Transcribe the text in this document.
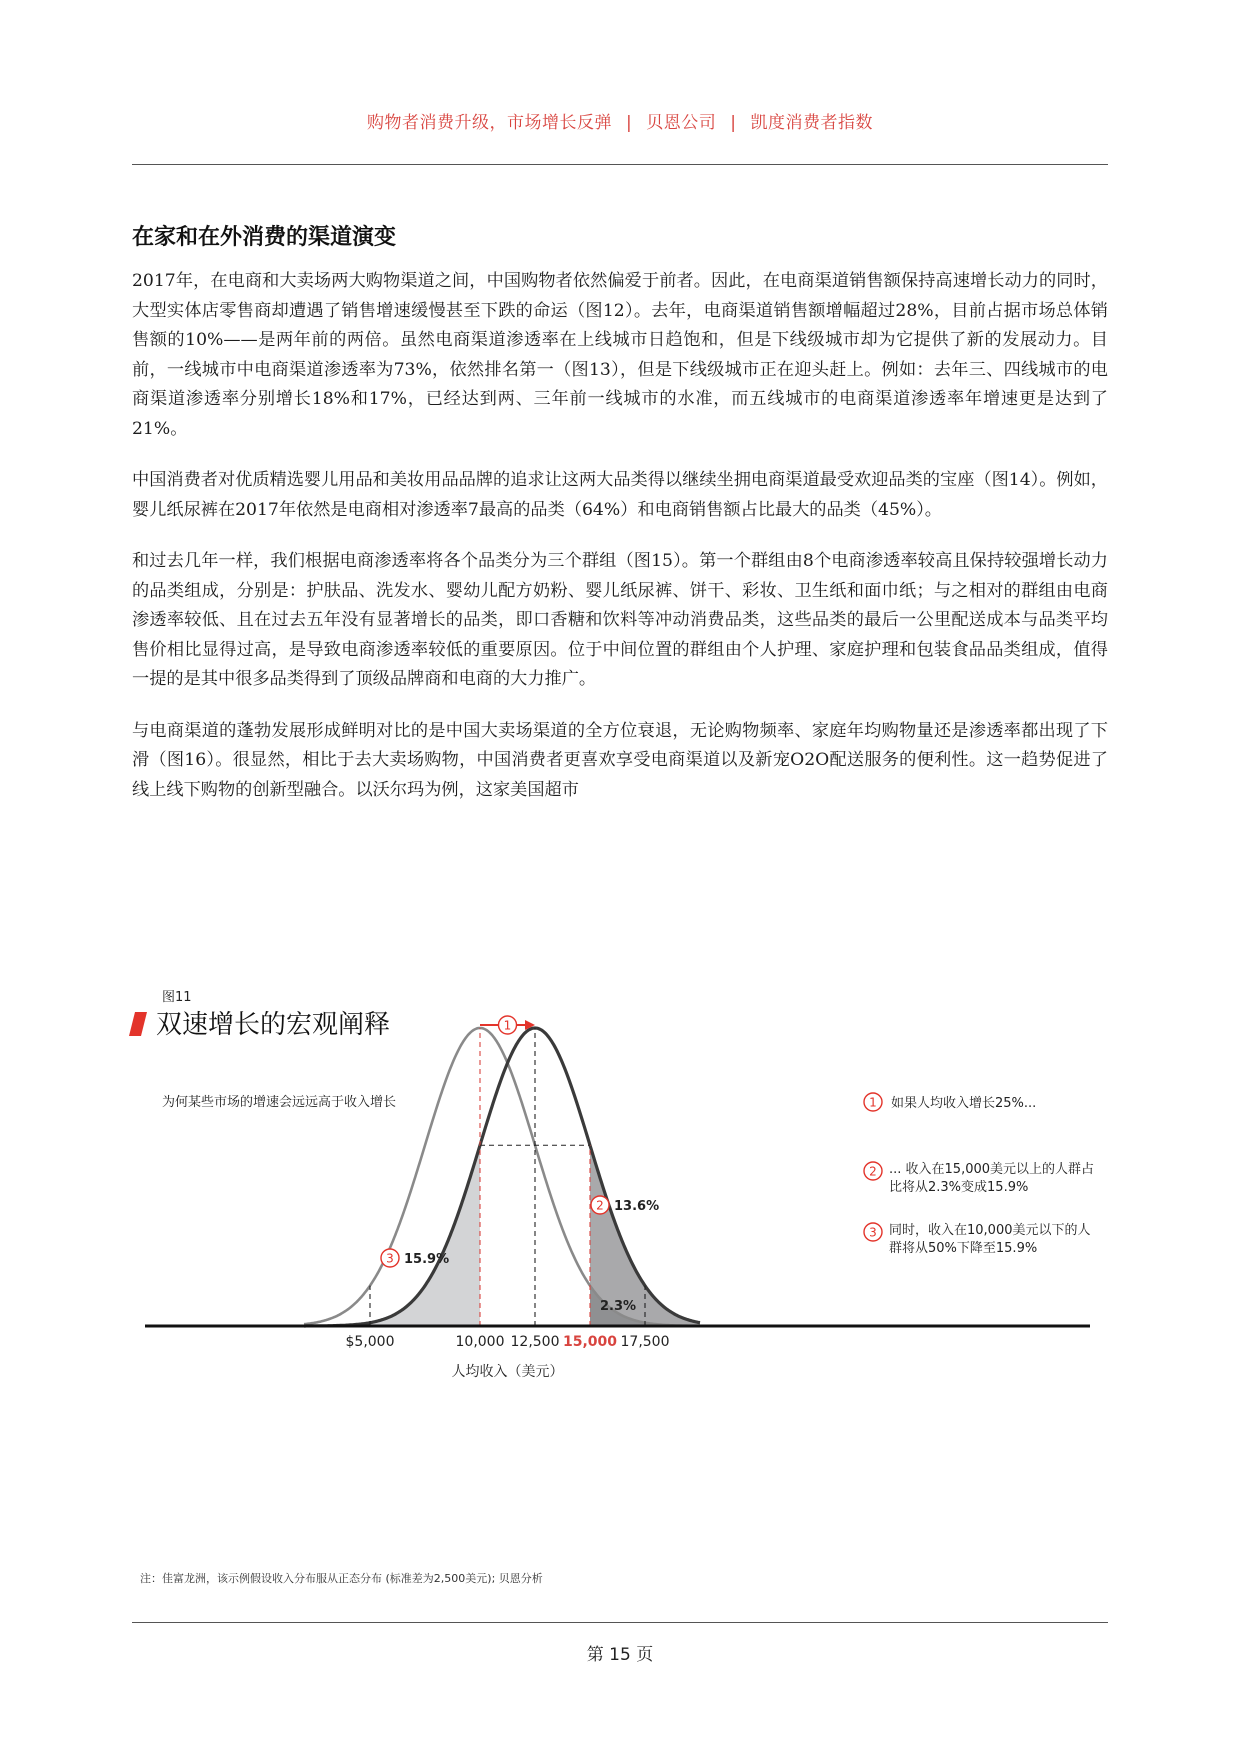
购物者消费升级，市场增长反弹 | 贝恩公司 | 凯度消费者指数
在家和在外消费的渠道演变

2017年，在电商和大卖场两大购物渠道之间，中国购物者依然偏爱于前者。因此，在电商渠道销售额保持高速增长动力的同时，大型实体店零售商却遭遇了销售增速缓慢甚至下跌的命运（图12）。去年，电商渠道销售额增幅超过28%，目前占据市场总体销售额的10%——是两年前的两倍。虽然电商渠道渗透率在上线城市日趋饱和，但是下线级城市却为它提供了新的发展动力。目前，一线城市中电商渠道渗透率为73%，依然排名第一（图13），但是下线级城市正在迎头赶上。例如：去年三、四线城市的电商渠道渗透率分别增长18%和17%，已经达到两、三年前一线城市的水准，而五线城市的电商渠道渗透率年增速更是达到了21%。

中国消费者对优质精选婴儿用品和美妆用品品牌的追求让这两大品类得以继续坐拥电商渠道最受欢迎品类的宝座（图14）。例如，婴儿纸尿裤在2017年依然是电商相对渗透率7最高的品类（64%）和电商销售额占比最大的品类（45%）。

和过去几年一样，我们根据电商渗透率将各个品类分为三个群组（图15）。第一个群组由8个电商渗透率较高且保持较强增长动力的品类组成，分别是：护肤品、洗发水、婴幼儿配方奶粉、婴儿纸尿裤、饼干、彩妆、卫生纸和面巾纸；与之相对的群组由电商渗透率较低、且在过去五年没有显著增长的品类，即口香糖和饮料等冲动消费品类，这些品类的最后一公里配送成本与品类平均售价相比显得过高，是导致电商渗透率较低的重要原因。位于中间位置的群组由个人护理、家庭护理和包装食品品类组成，值得一提的是其中很多品类得到了顶级品牌商和电商的大力推广。

与电商渠道的蓬勃发展形成鲜明对比的是中国大卖场渠道的全方位衰退，无论购物频率、家庭年均购物量还是渗透率都出现了下滑（图16）。很显然，相比于去大卖场购物，中国消费者更喜欢享受电商渠道以及新宠O2O配送服务的便利性。这一趋势促进了线上线下购物的创新型融合。以沃尔玛为例，这家美国超市

图11
双速增长的宏观阐释
为何某些市场的增速会远远高于收入增长	1 如果人均收入增长25%...
2 ... 收入在15,000美元以上的人群占比将从2.3%变成15.9%
3 同时，收入在10,000美元以下的人群将从50%下降至15.9%
$5,000	10,000 12,500 15,000 17,500
人均收入（美元）
1
3 15.9%
2 13.6%
2.3%
注：佳富龙洲，该示例假设收入分布服从正态分布 (标准差为2,500美元); 贝恩分析
第 15 页
